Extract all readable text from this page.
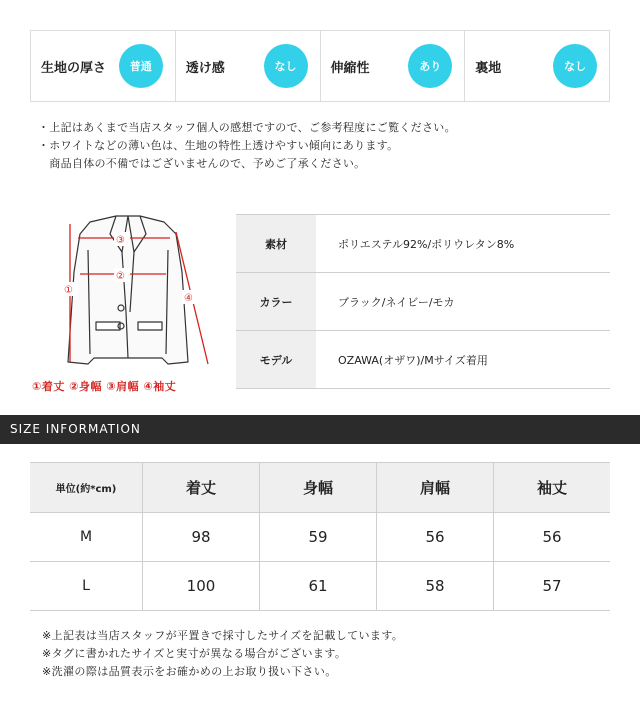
生地の厚さ	普通	透け感	なし	伸縮性	あり	裏地	なし
・上記はあくまで当店スタッフ個人の感想ですので、ご参考程度にご覧ください。
・ホワイトなどの薄い色は、生地の特性上透けやすい傾向にあります。
　商品自体の不備ではございませんので、予めご了承ください。
①
②
③
④
①着丈 ②身幅 ③肩幅 ④袖丈
素材	ポリエステル92%/ポリウレタン8%
カラー	ブラック/ネイビー/モカ
モデル	OZAWA(オザワ)/Mサイズ着用
SIZE INFORMATION
単位(約*cm)	着丈	身幅	肩幅	袖丈
M	98	59	56	56
L	100	61	58	57
※上記表は当店スタッフが平置きで採寸したサイズを記載しています。
※タグに書かれたサイズと実寸が異なる場合がございます。
※洗濯の際は品質表示をお確かめの上お取り扱い下さい。
